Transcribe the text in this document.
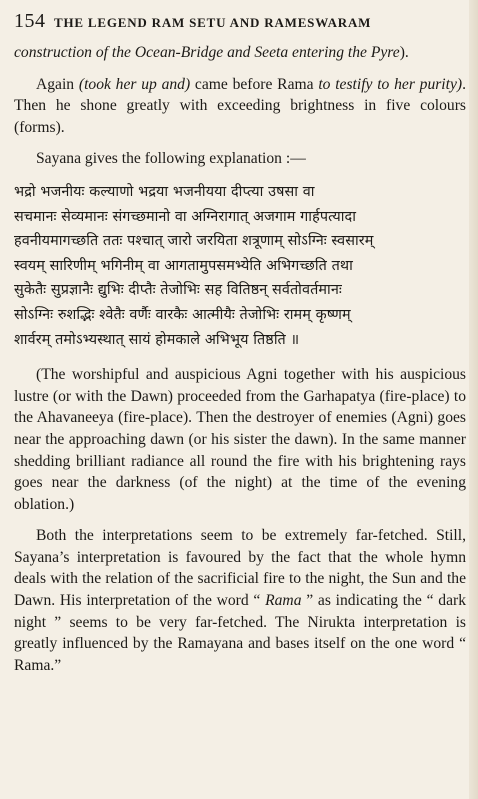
154 THE LEGEND RAM SETU AND RAMESWARAM

construction of the Ocean-Bridge and Seeta entering the Pyre).

Again (took her up and) came before Rama to testify to her purity). Then he shone greatly with exceeding brightness in five colours (forms).

Sayana gives the following explanation :—

भद्रो भजनीयः कल्याणो भद्रया भजनीयया दीप्त्या उषसा वा
सचमानः सेव्यमानः संगच्छमानो वा अग्निरागात् अजगाम गार्हपत्यादा
हवनीयमागच्छति ततः पश्चात् जारो जरयिता शत्रूणाम् सोऽग्निः स्वसारम्
स्वयम् सारिणीम् भगिनीम् वा आगतामुपसमभ्येति अभिगच्छति तथा
सुकेतैः सुप्रज्ञानैः द्युभिः दीप्तैः तेजोभिः सह वितिष्ठन् सर्वतोवर्तमानः
सोऽग्निः रुशद्भिः श्वेतैः वर्णैः वारकैः आत्मीयैः तेजोभिः रामम् कृष्णम्
शार्वरम् तमोऽभ्यस्थात् सायं होमकाले अभिभूय तिष्ठति ॥

(The worshipful and auspicious Agni together with his auspicious lustre (or with the Dawn) proceeded from the Garhapatya (fire-place) to the Ahavaneeya (fire-place). Then the destroyer of enemies (Agni) goes near the approaching dawn (or his sister the dawn). In the same manner shedding brilliant radiance all round the fire with his brightening rays goes near the darkness (of the night) at the time of the evening oblation.)

Both the interpretations seem to be extremely far-fetched. Still, Sayana’s interpretation is favoured by the fact that the whole hymn deals with the relation of the sacrificial fire to the night, the Sun and the Dawn. His interpretation of the word “ Rama ” as indicating the “ dark night ” seems to be very far-fetched. The Nirukta interpretation is greatly influenced by the Ramayana and bases itself on the one word “ Rama.”
